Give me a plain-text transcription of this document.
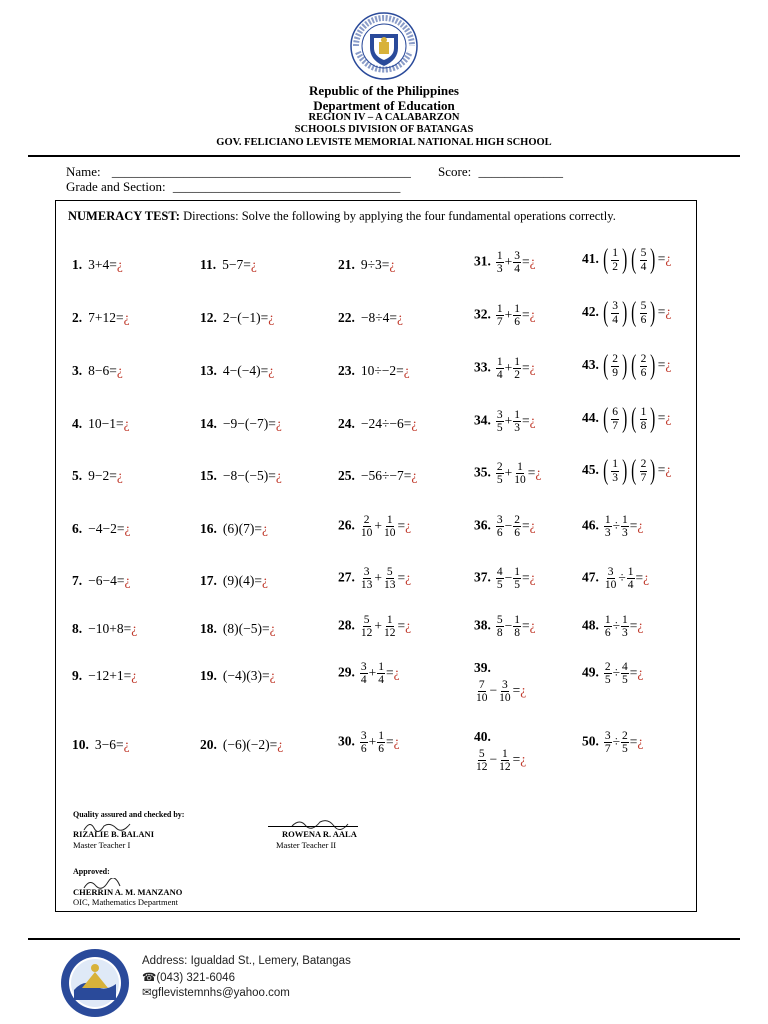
Republic of the Philippines
Department of Education
REGION IV – A CALABARZON
SCHOOLS DIVISION OF BATANGAS
GOV. FELICIANO LEVISTE MEMORIAL NATIONAL HIGH SCHOOL
Name: ______________________________________________ Score: _____________
Grade and Section: ___________________________________
NUMERACY TEST: Directions: Solve the following by applying the four fundamental operations correctly.
1. 3+4=¿	11. 5−7=¿
2. 7+12=¿	12. 2−(−1)=¿
3. 8−6=¿	13. 4−(−4)=¿
4. 10−1=¿	14. −9−(−7)=¿
5. 9−2=¿	15. −8−(−5)=¿
6. −4−2=¿	16. (6)(7)=¿
7. −6−4=¿	17. (9)(4)=¿
8. −10+8=¿	18. (8)(−5)=¿
9. −12+1=¿	19. (−4)(3)=¿
10. 3−6=¿	20. (−6)(−2)=¿
21. 9÷3=¿
22. −8÷4=¿
23. 10÷−2=¿
24. −24÷−6=¿
25. −56÷−7=¿
26. $\frac{2}{10} + \frac{1}{10}$ =¿
27. $\frac{3}{13} + \frac{5}{13}$ =¿
28. $\frac{5}{12} + \frac{1}{12}$ =¿
29. $\frac{3}{4} + \frac{1}{4}$ =¿
30. $\frac{3}{6} + \frac{1}{6}$ =¿
31. $\frac{1}{3} + \frac{3}{4}$ =¿
32. $\frac{1}{7} + \frac{1}{6}$ =¿
33. $\frac{1}{4} + \frac{1}{2}$ =¿
34. $\frac{3}{5} + \frac{1}{3}$ =¿
35. $\frac{2}{5} + \frac{1}{10}$ =¿
36. $\frac{3}{6} - \frac{2}{6}$ =¿
37. $\frac{4}{5} - \frac{1}{5}$ =¿
38. $\frac{5}{8} - \frac{1}{8}$ =¿
39.
$\frac{7}{10} - \frac{3}{10}$ =¿
40.
$\frac{5}{12} - \frac{1}{12}$ =¿
41. ( $\frac{1}{2}$ ) ( $\frac{5}{4}$ ) =¿
42. ( $\frac{3}{4}$ ) ( $\frac{5}{6}$ ) =¿
43. ( $\frac{2}{9}$ ) ( $\frac{2}{6}$ ) =¿
44. ( $\frac{6}{7}$ ) ( $\frac{1}{8}$ ) =¿
45. ( $\frac{1}{3}$ ) ( $\frac{2}{7}$ ) =¿
46. $\frac{1}{3} \div \frac{1}{3}$ =¿
47. $\frac{3}{10} \div \frac{1}{4}$ =¿
48. $\frac{1}{6} \div \frac{1}{3}$ =¿
49. $\frac{2}{5} \div \frac{4}{5}$ =¿
50. $\frac{3}{7} \div \frac{2}{5}$ =¿
Quality assured and checked by:
RIZALIE B. BALANI
Master Teacher I
ROWENA R. AALA
Master Teacher II
Approved:
CHERRIN A. M. MANZANO
OIC, Mathematics Department
Address: Igualdad St., Lemery, Batangas
☎(043) 321-6046
✉gflevistemnhs@yahoo.com
